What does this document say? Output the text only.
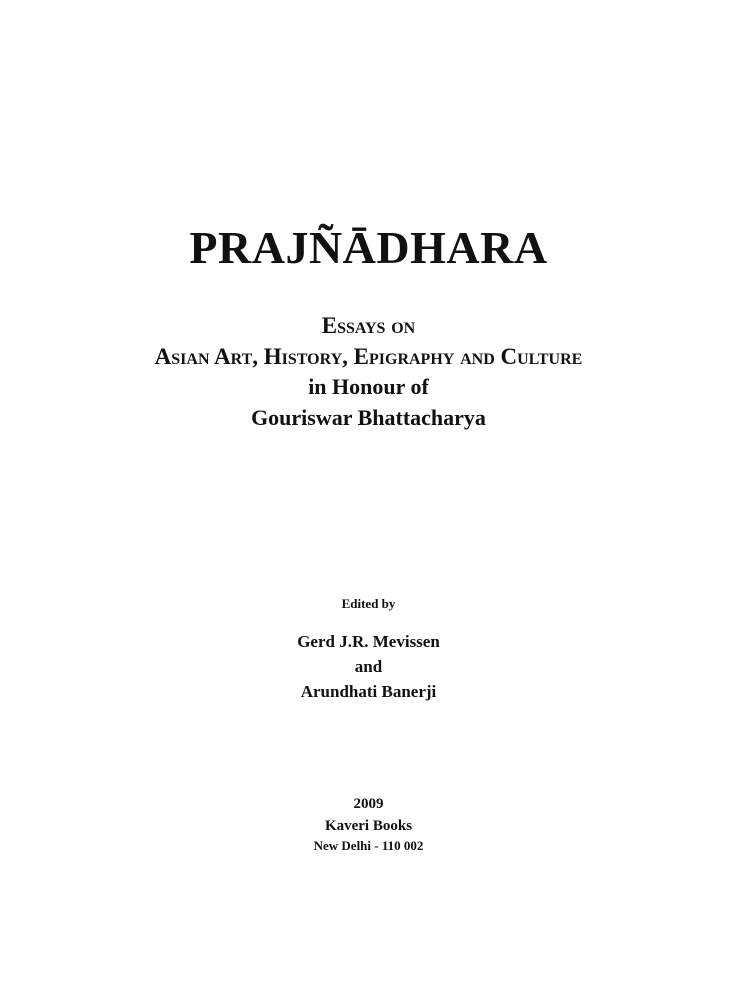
PRAJÑĀDHARA
Essays on
Asian Art, History, Epigraphy and Culture
in Honour of
Gouriswar Bhattacharya
Edited by
Gerd J.R. Mevissen
and
Arundhati Banerji
2009
Kaveri Books
New Delhi - 110 002
